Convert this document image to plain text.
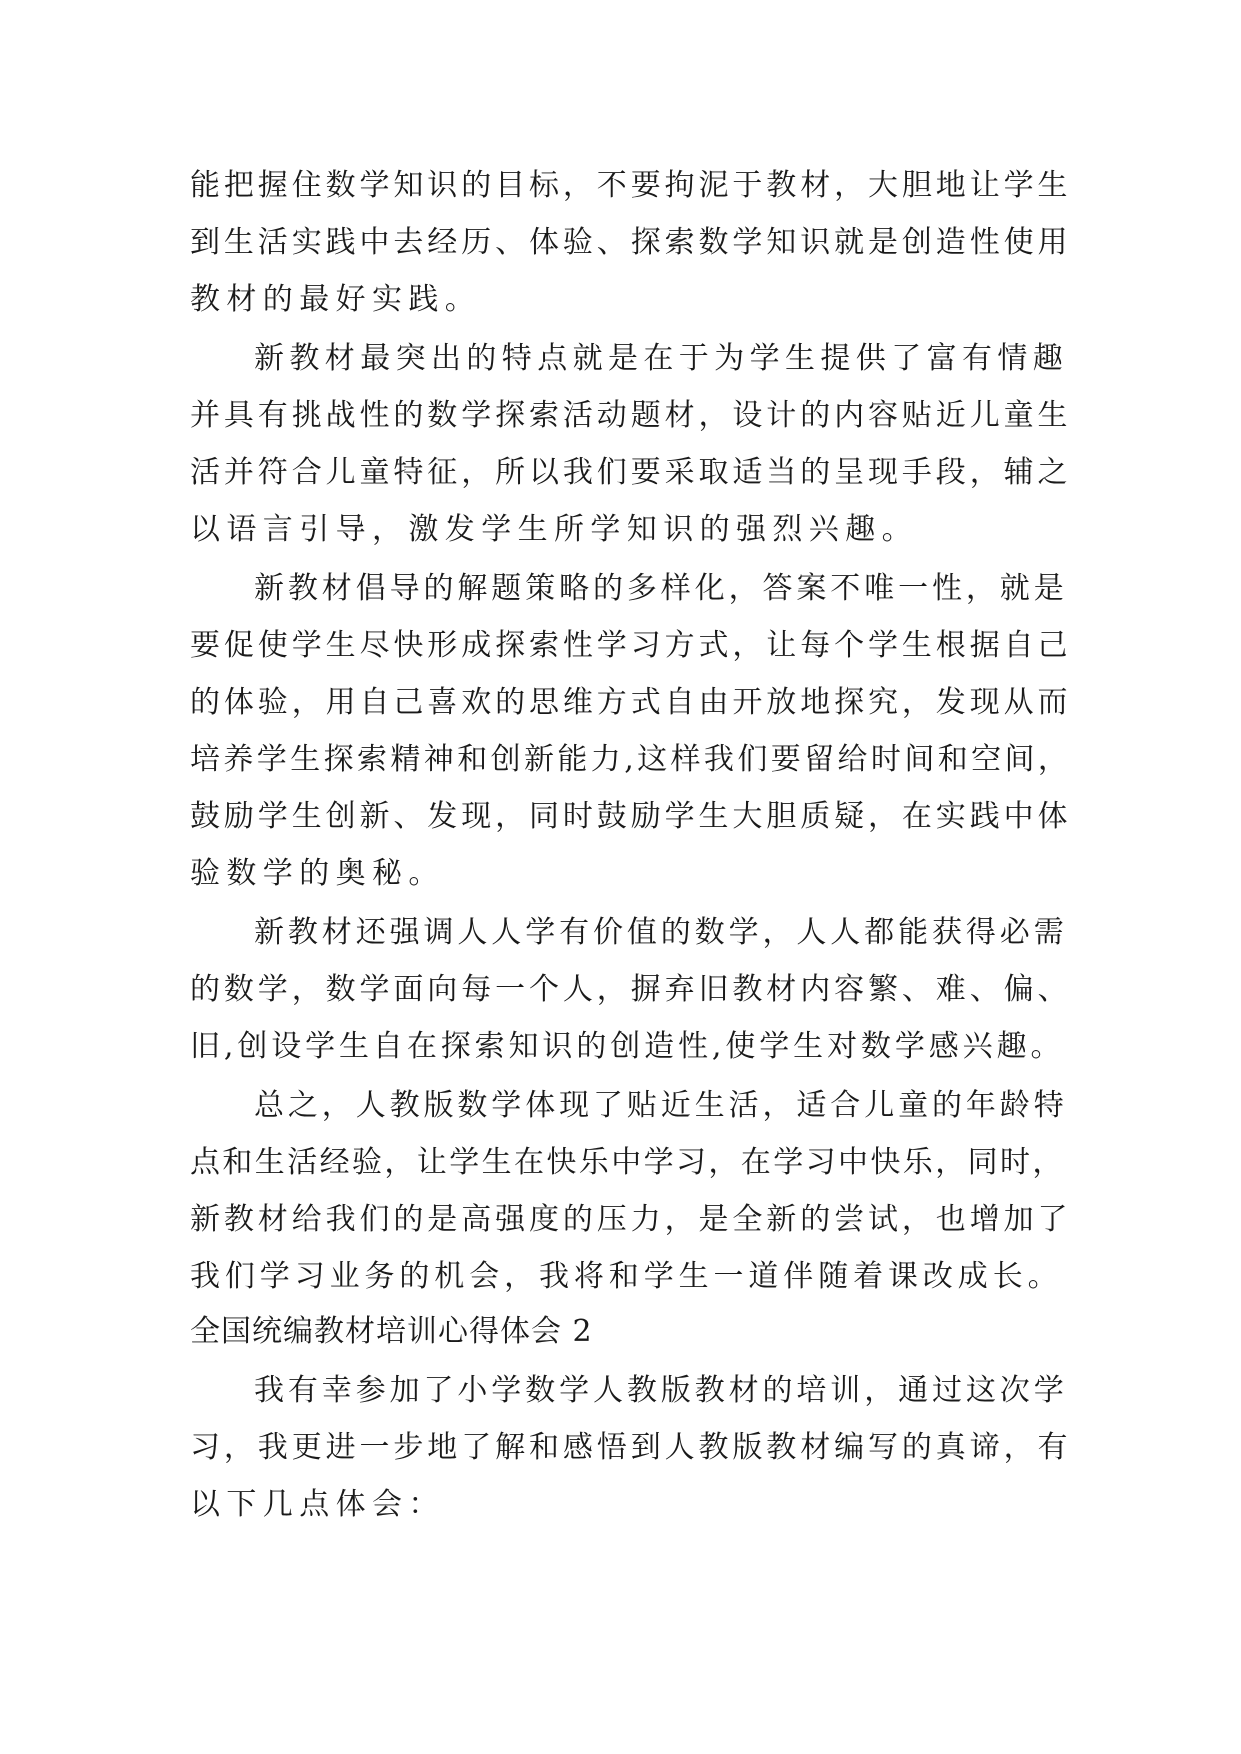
能把握住数学知识的目标，不要拘泥于教材，大胆地让学生
到生活实践中去经历、体验、探索数学知识就是创造性使用
教材的最好实践。
新教材最突出的特点就是在于为学生提供了富有情趣
并具有挑战性的数学探索活动题材，设计的内容贴近儿童生
活并符合儿童特征，所以我们要采取适当的呈现手段，辅之
以语言引导，激发学生所学知识的强烈兴趣。
新教材倡导的解题策略的多样化，答案不唯一性，就是
要促使学生尽快形成探索性学习方式，让每个学生根据自己
的体验，用自己喜欢的思维方式自由开放地探究，发现从而
培养学生探索精神和创新能力,这样我们要留给时间和空间，
鼓励学生创新、发现，同时鼓励学生大胆质疑，在实践中体
验数学的奥秘。
新教材还强调人人学有价值的数学，人人都能获得必需
的数学，数学面向每一个人，摒弃旧教材内容繁、难、偏、
旧,创设学生自在探索知识的创造性,使学生对数学感兴趣。
总之，人教版数学体现了贴近生活，适合儿童的年龄特
点和生活经验，让学生在快乐中学习，在学习中快乐，同时，
新教材给我们的是高强度的压力，是全新的尝试，也增加了
我们学习业务的机会，我将和学生一道伴随着课改成长。
全国统编教材培训心得体会 2
我有幸参加了小学数学人教版教材的培训，通过这次学
习，我更进一步地了解和感悟到人教版教材编写的真谛，有
以下几点体会：
